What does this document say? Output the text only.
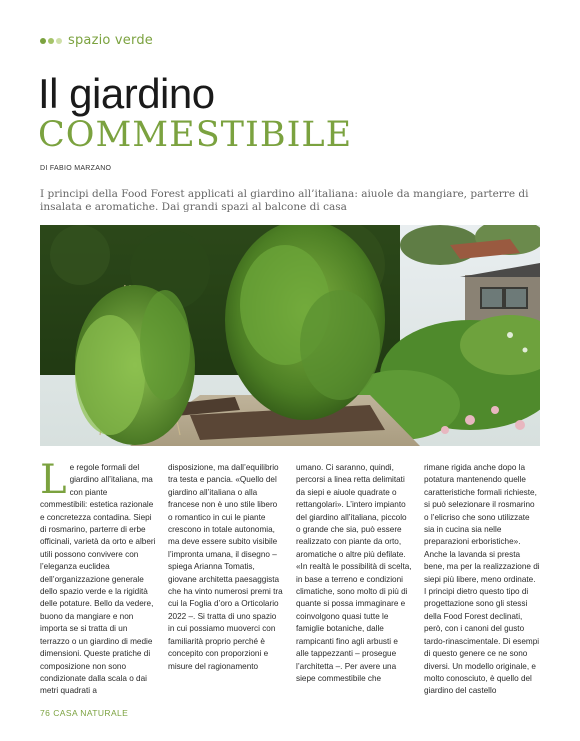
spazio verde
Il giardino
COMMESTIBILE
DI FABIO MARZANO
I principi della Food Forest applicati al giardino all’italiana: aiuole da mangiare, parterre di insalata e aromatiche. Dai grandi spazi al balcone di casa
L e regole formali del giardino all’italiana, ma con piante commestibili: estetica razionale e concretezza contadina. Siepi di rosmarino, parterre di erbe officinali, varietà da orto e alberi utili possono convivere con l’eleganza euclidea dell’organizzazione generale dello spazio verde e la rigidità delle potature. Bello da vedere, buono da mangiare e non importa se si tratta di un terrazzo o un giardino di medie dimensioni. Queste pratiche di composizione non sono condizionate dalla scala o dai metri quadrati a

disposizione, ma dall’equilibrio tra testa e pancia. «Quello del giardino all’italiana o alla francese non è uno stile libero o romantico in cui le piante crescono in totale autonomia, ma deve essere subito visibile l’impronta umana, il disegno – spiega Arianna Tomatis, giovane architetta paesaggista che ha vinto numerosi premi tra cui la Foglia d’oro a Orticolario 2022 –. Si tratta di uno spazio in cui possiamo muoverci con familiarità proprio perché è concepito con proporzioni e misure del ragionamento

umano. Ci saranno, quindi, percorsi a linea retta delimitati da siepi e aiuole quadrate o rettangolari». L’intero impianto del giardino all’italiana, piccolo o grande che sia, può essere realizzato con piante da orto, aromatiche o altre più defilate. «In realtà le possibilità di scelta, in base a terreno e condizioni climatiche, sono molto di più di quante si possa immaginare e coinvolgono quasi tutte le famiglie botaniche, dalle rampicanti fino agli arbusti e alle tappezzanti – prosegue l’architetta –. Per avere una siepe commestibile che

rimane rigida anche dopo la potatura mantenendo quelle caratteristiche formali richieste, si può selezionare il rosmarino o l’elicriso che sono utilizzate sia in cucina sia nelle preparazioni erboristiche». Anche la lavanda si presta bene, ma per la realizzazione di siepi più libere, meno ordinate. I principi dietro questo tipo di progettazione sono gli stessi della Food Forest declinati, però, con i canoni del gusto tardo-rinascimentale. Di esempi di questo genere ce ne sono diversi. Un modello originale, e molto conosciuto, è quello del giardino del castello

76 CASA NATURALE
